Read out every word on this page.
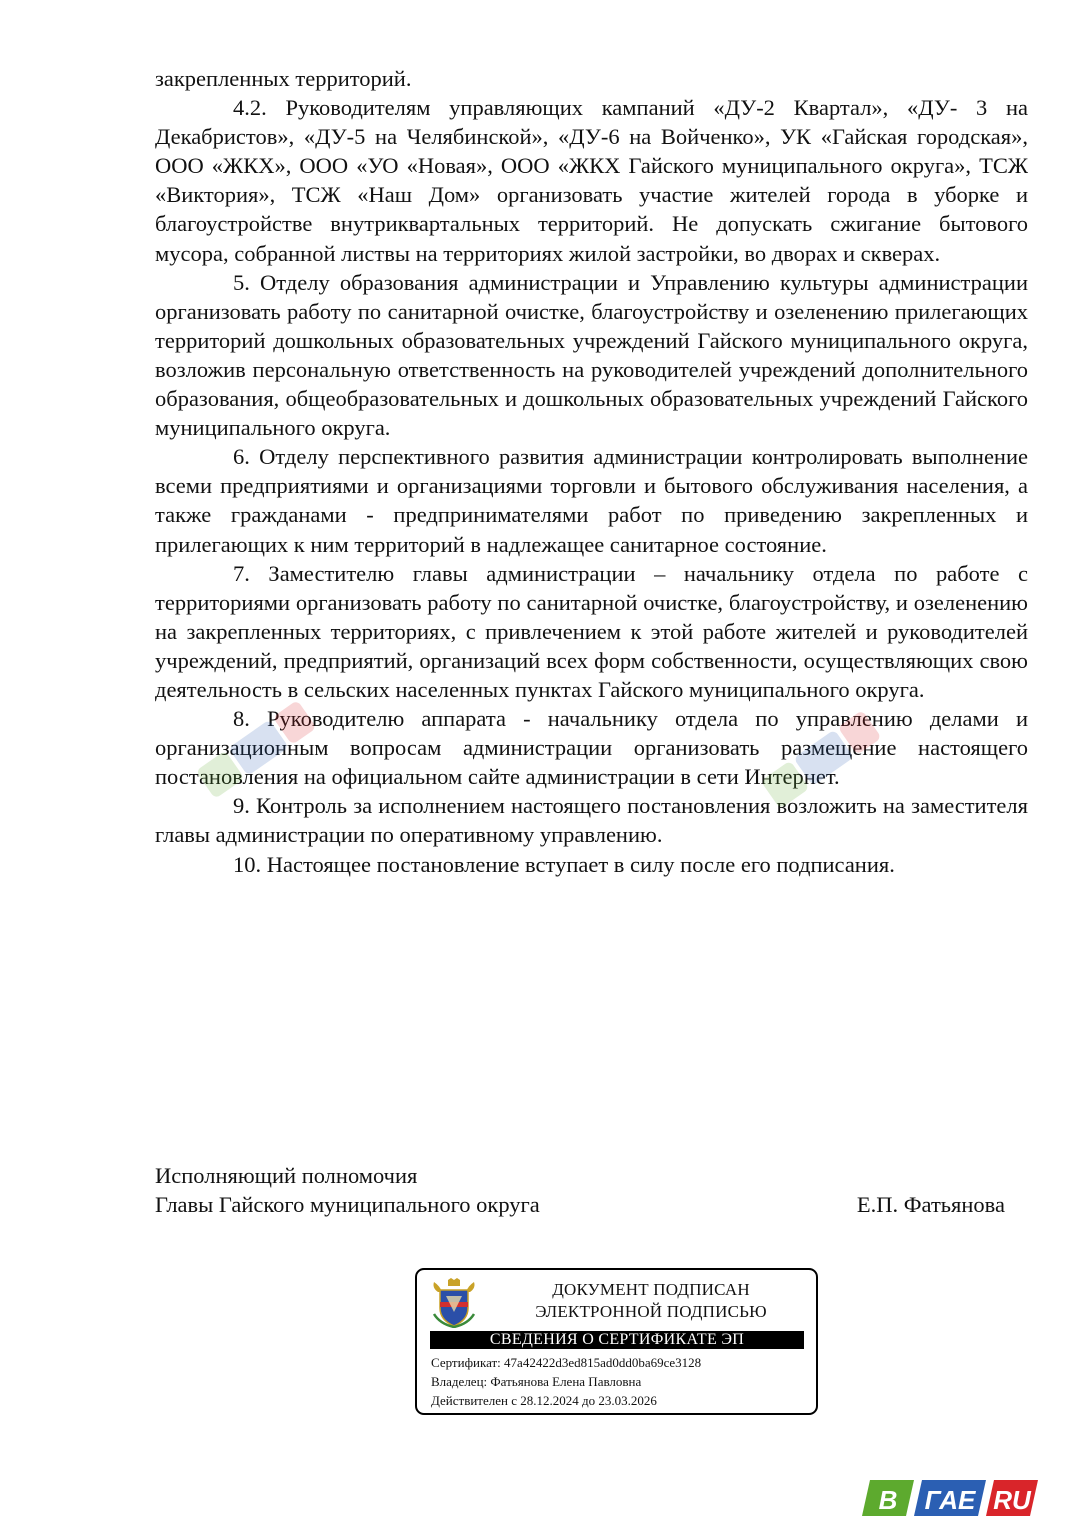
закрепленных территорий.

4.2. Руководителям управляющих кампаний «ДУ-2 Квартал», «ДУ- 3 на Декабристов», «ДУ-5 на Челябинской», «ДУ-6 на Войченко», УК «Гайская городская», ООО «ЖКХ», ООО «УО «Новая», ООО «ЖКХ Гайского муниципального округа», ТСЖ «Виктория», ТСЖ «Наш Дом» организовать участие жителей города в уборке и благоустройстве внутриквартальных территорий. Не допускать сжигание бытового мусора, собранной листвы на территориях жилой застройки, во дворах и скверах.

5. Отделу образования администрации и Управлению культуры администрации организовать работу по санитарной очистке, благоустройству и озеленению прилегающих территорий дошкольных образовательных учреждений Гайского муниципального округа, возложив персональную ответственность на руководителей учреждений дополнительного образования, общеобразовательных и дошкольных образовательных учреждений Гайского муниципального округа.

6. Отделу перспективного развития администрации контролировать выполнение всеми предприятиями и организациями торговли и бытового обслуживания населения, а также гражданами - предпринимателями работ по приведению закрепленных и прилегающих к ним территорий в надлежащее санитарное состояние.

7. Заместителю главы администрации – начальнику отдела по работе с территориями организовать работу по санитарной очистке, благоустройству, и озеленению на закрепленных территориях, с привлечением к этой работе жителей и руководителей учреждений, предприятий, организаций всех форм собственности, осуществляющих свою деятельность в сельских населенных пунктах Гайского муниципального округа.

8. Руководителю аппарата - начальнику отдела по управлению делами и организационным вопросам администрации организовать размещение настоящего постановления на официальном сайте администрации в сети Интернет.

9. Контроль за исполнением настоящего постановления возложить на заместителя главы администрации по оперативному управлению.

10. Настоящее постановление вступает в силу после его подписания.

Исполняющий полномочия
Главы Гайского муниципального округа	Е.П. Фатьянова
ДОКУМЕНТ ПОДПИСАН
ЭЛЕКТРОННОЙ ПОДПИСЬЮ
СВЕДЕНИЯ О СЕРТИФИКАТЕ ЭП
Сертификат: 47a42422d3ed815ad0dd0ba69ce3128
Владелец: Фатьянова Елена Павловна
Действителен с 28.12.2024 до 23.03.2026
В ГАЕ RU
